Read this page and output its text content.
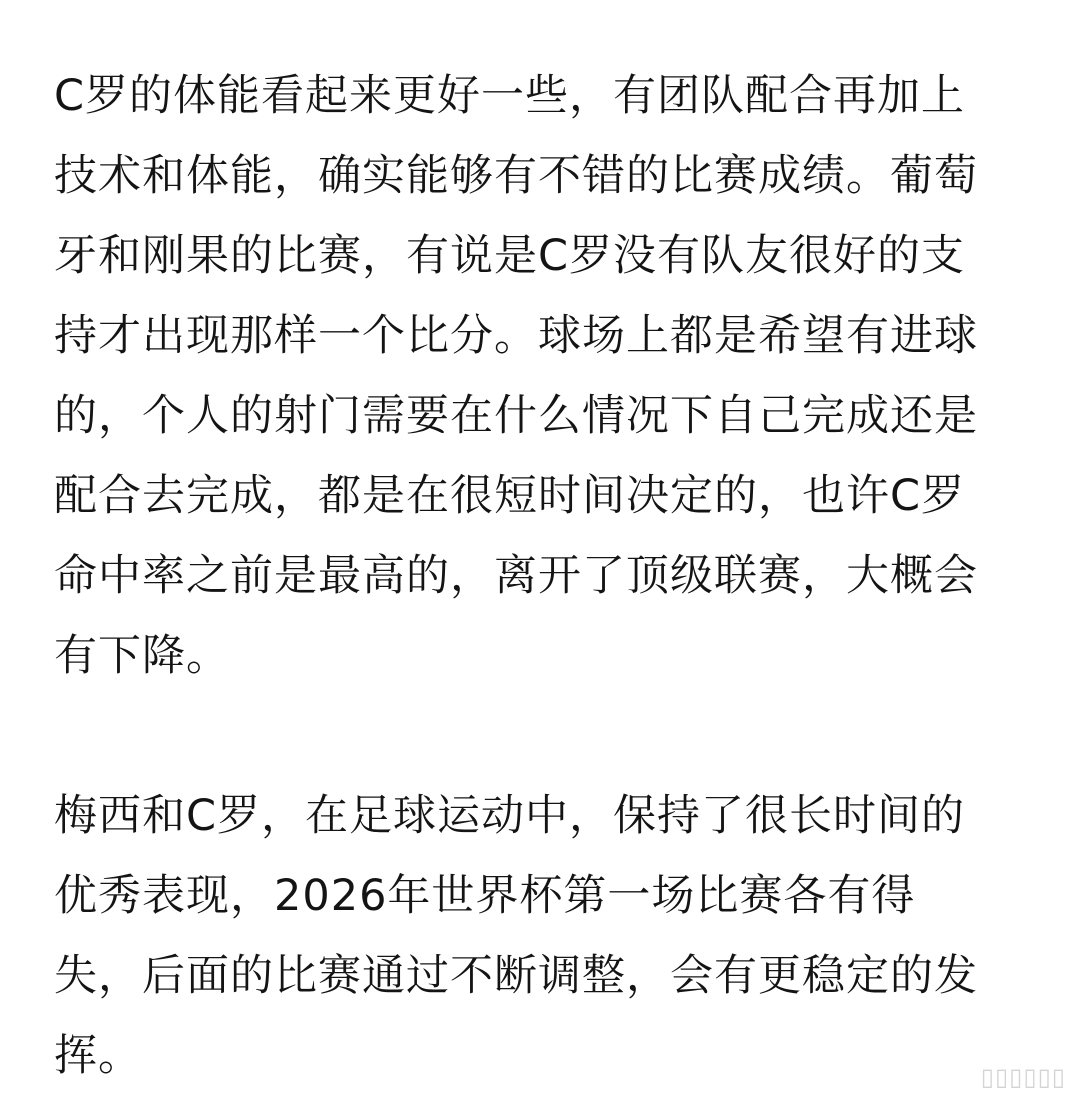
C罗的体能看起来更好一些，有团队配合再加上
技术和体能，确实能够有不错的比赛成绩。葡萄
牙和刚果的比赛，有说是C罗没有队友很好的支
持才出现那样一个比分。球场上都是希望有进球
的，个人的射门需要在什么情况下自己完成还是
配合去完成，都是在很短时间决定的，也许C罗
命中率之前是最高的，离开了顶级联赛，大概会
有下降。

梅西和C罗，在足球运动中，保持了很长时间的
优秀表现，2026年世界杯第一场比赛各有得
失，后面的比赛通过不断调整，会有更稳定的发
挥。	▯▯▯▯▯▯
